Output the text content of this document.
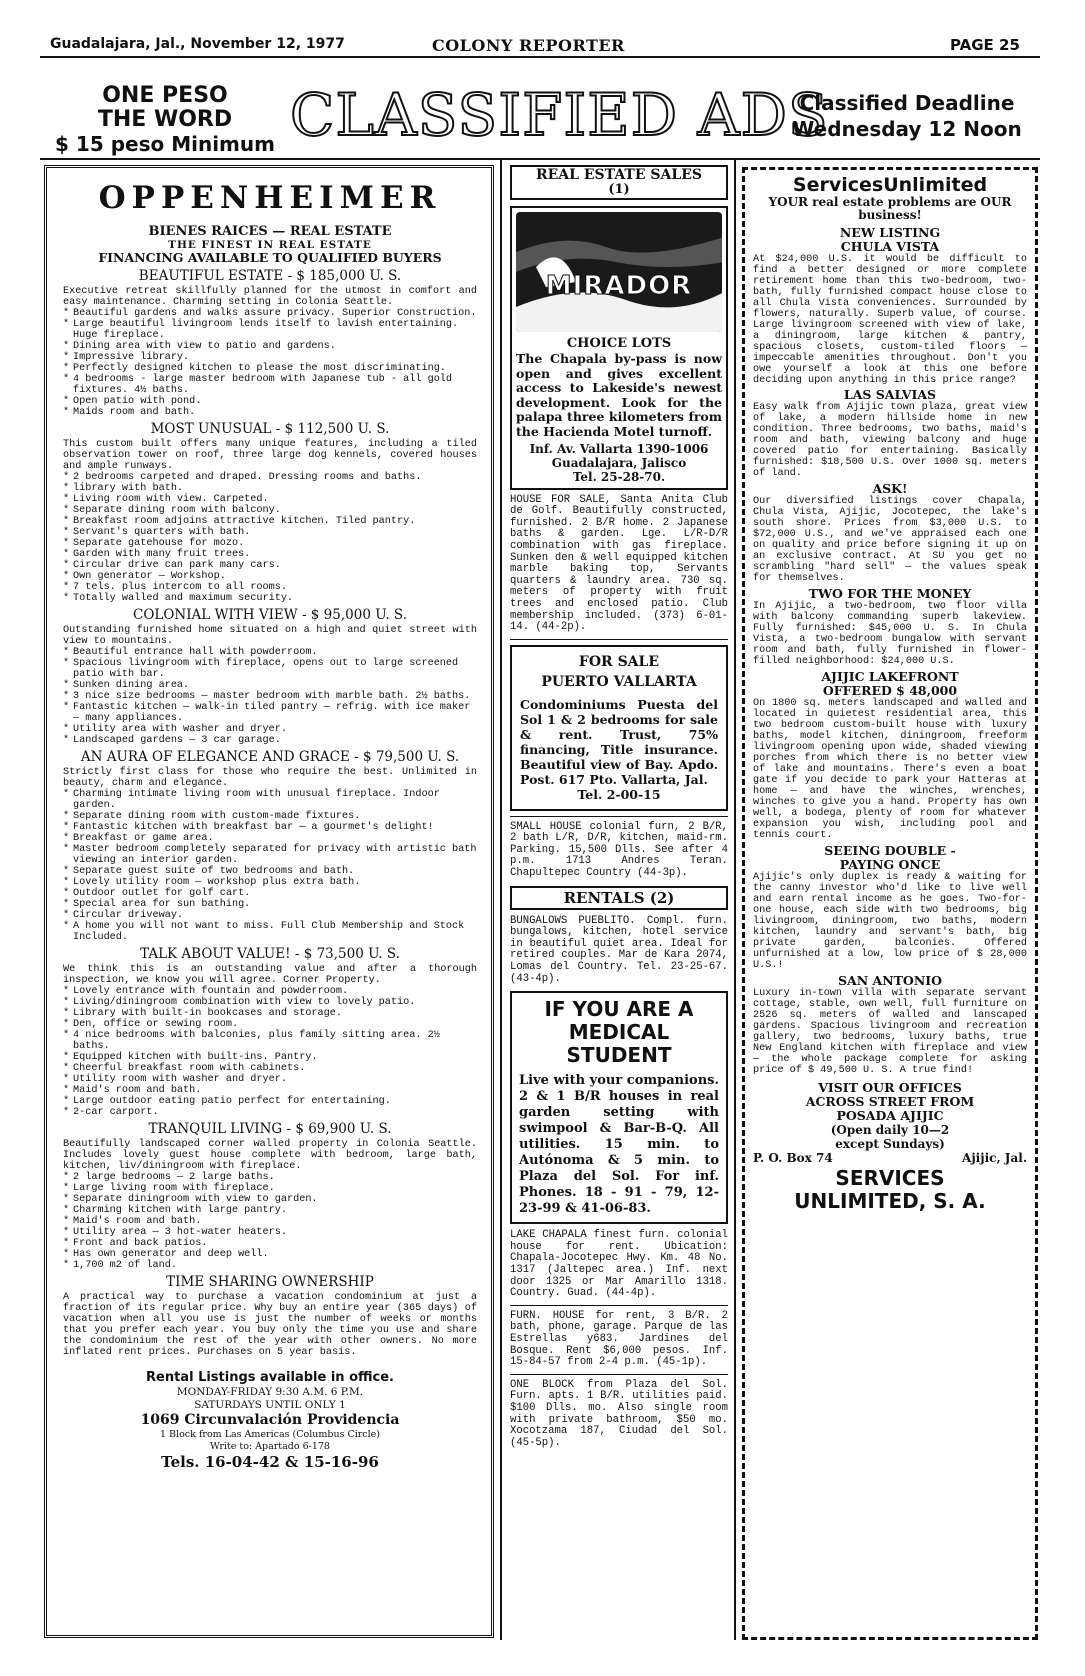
Guadalajara, Jal., November 12, 1977	COLONY REPORTER	PAGE 25
ONE PESO
THE WORD
$ 15 peso Minimum CLASSIFIED ADS
Classified Deadline
Wednesday 12 Noon
OPPENHEIMER
BIENES RAICES — REAL ESTATE
THE FINEST IN REAL ESTATE
FINANCING AVAILABLE TO QUALIFIED BUYERS
BEAUTIFUL ESTATE - $ 185,000 U. S.

Executive retreat skillfully planned for the utmost in comfort and easy maintenance. Charming setting in Colonia Seattle.

* Beautiful gardens and walks assure privacy. Superior Construction.
* Large beautiful livingroom lends itself to lavish entertaining. Huge fireplace.
* Dining area with view to patio and gardens.
* Impressive library.
* Perfectly designed kitchen to please the most discriminating.
* 4 bedrooms - large master bedroom with Japanese tub - all gold fixtures. 4½ baths.
* Open patio with pond.
* Maids room and bath.
MOST UNUSUAL - $ 112,500 U. S.

This custom built offers many unique features, including a tiled observation tower on roof, three large dog kennels, covered houses and ample runways.

* 2 bedrooms carpeted and draped. Dressing rooms and baths.
* library with bath.
* Living room with view. Carpeted.
* Separate dining room with balcony.
* Breakfast room adjoins attractive kitchen. Tiled pantry.
* Servant's quarters with bath.
* Separate gatehouse for mozo.
* Garden with many fruit trees.
* Circular drive can park many cars.
* Own generator — Workshop.
* 7 tels. plus intercom to all rooms.
* Totally walled and maximum security.
COLONIAL WITH VIEW - $ 95,000 U. S.

Outstanding furnished home situated on a high and quiet street with view to mountains.

* Beautiful entrance hall with powderroom.
* Spacious livingroom with fireplace, opens out to large screened patio with bar.
* Sunken dining area.
* 3 nice size bedrooms — master bedroom with marble bath. 2½ baths.
* Fantastic kitchen — walk-in tiled pantry — refrig. with ice maker — many appliances.
* Utility area with washer and dryer.
* Landscaped gardens — 3 car garage.
AN AURA OF ELEGANCE AND GRACE - $ 79,500 U. S.

Strictly first class for those who require the best. Unlimited in beauty, charm and elegance.

* Charming intimate living room with unusual fireplace. Indoor garden.
* Separate dining room with custom-made fixtures.
* Fantastic kitchen with breakfast bar — a gourmet's delight!
* Breakfast or game area.
* Master bedroom completely separated for privacy with artistic bath viewing an interior garden.
* Separate guest suite of two bedrooms and bath.
* Lovely utility room — workshop plus extra bath.
* Outdoor outlet for golf cart.
* Special area for sun bathing.
* Circular driveway.
* A home you will not want to miss. Full Club Membership and Stock Included.
TALK ABOUT VALUE! - $ 73,500 U. S.

We think this is an outstanding value and after a thorough inspection, we know you will agree. Corner Property.

* Lovely entrance with fountain and powderroom.
* Living/diningroom combination with view to lovely patio.
* Library with built-in bookcases and storage.
* Den, office or sewing room.
* 4 nice bedrooms with balconies, plus family sitting area. 2½ baths.
* Equipped kitchen with built-ins. Pantry.
* Cheerful breakfast room with cabinets.
* Utility room with washer and dryer.
* Maid's room and bath.
* Large outdoor eating patio perfect for entertaining.
* 2-car carport.
TRANQUIL LIVING - $ 69,900 U. S.

Beautifully landscaped corner walled property in Colonia Seattle. Includes lovely guest house complete with bedroom, large bath, kitchen, liv/diningroom with fireplace.

* 2 large bedrooms — 2 large baths.
* Large living room with fireplace.
* Separate diningroom with view to garden.
* Charming kitchen with large pantry.
* Maid's room and bath.
* Utility area — 3 hot-water heaters.
* Front and back patios.
* Has own generator and deep well.
* 1,700 m2 of land.
TIME SHARING OWNERSHIP

A practical way to purchase a vacation condominium at just a fraction of its regular price. Why buy an entire year (365 days) of vacation when all you use is just the number of weeks or months that you prefer each year. You buy only the time you use and share the condominium the rest of the year with other owners. No more inflated rent prices. Purchases on 5 year basis.

Rental Listings available in office.
MONDAY-FRIDAY 9:30 A.M. 6 P.M.
SATURDAYS UNTIL ONLY 1
1069 Circunvalación Providencia
1 Block from Las Americas (Columbus Circle)
Write to: Apartado 6-178
Tels. 16-04-42 & 15-16-96
REAL ESTATE SALES
(1)
MIRADOR
CHOICE LOTS

The Chapala by-pass is now open and gives excellent access to Lakeside's newest development. Look for the palapa three kilometers from the Hacienda Motel turnoff.

Inf. Av. Vallarta 1390-1006
Guadalajara, Jalisco
Tel. 25-28-70.

HOUSE FOR SALE, Santa Anita Club de Golf. Beautifully constructed, furnished. 2 B/R home. 2 Japanese baths & garden. Lge. L/R-D/R combination with gas fireplace. Sunken den & well equipped kitchen marble baking top, Servants quarters & laundry area. 730 sq. meters of property with fruit trees and enclosed patio. Club membership included. (373) 6-01-14. (44-2p).

FOR SALE
PUERTO VALLARTA

Condominiums Puesta del Sol 1 & 2 bedrooms for sale & rent. Trust, 75% financing, Title insurance. Beautiful view of Bay. Apdo. Post. 617 Pto. Vallarta, Jal.

Tel. 2-00-15

SMALL HOUSE colonial furn, 2 B/R, 2 bath L/R, D/R, kitchen, maid-rm. Parking. 15,500 Dlls. See after 4 p.m. 1713 Andres Teran. Chapultepec Country (44-3p).

RENTALS (2)

BUNGALOWS PUEBLITO. Compl. furn. bungalows, kitchen, hotel service in beautiful quiet area. Ideal for retired couples. Mar de Kara 2074, Lomas del Country. Tel. 23-25-67. (43-4p).

IF YOU ARE A MEDICAL STUDENT

Live with your companions. 2 & 1 B/R houses in real garden setting with swimpool & Bar-B-Q. All utilities. 15 min. to Autónoma & 5 min. to Plaza del Sol. For inf. Phones. 18 - 91 - 79, 12-23-99 & 41-06-83.

LAKE CHAPALA finest furn. colonial house for rent. Ubication: Chapala-Jocotepec Hwy. Km. 48 No. 1317 (Jaltepec area.) Inf. next door 1325 or Mar Amarillo 1318. Country. Guad. (44-4p).

FURN. HOUSE for rent, 3 B/R. 2 bath, phone, garage. Parque de las Estrellas y683. Jardines del Bosque. Rent $6,000 pesos. Inf. 15-84-57 from 2-4 p.m. (45-1p).

ONE BLOCK from Plaza del Sol. Furn. apts. 1 B/R. utilities paid. $100 Dlls. mo. Also single room with private bathroom, $50 mo. Xocotzama 187, Ciudad del Sol. (45-5p).

ServicesUnlimited
YOUR real estate problems are OUR business!
NEW LISTING
CHULA VISTA

At $24,000 U.S. it would be difficult to find a better designed or more complete retirement home than this two-bedroom, two-bath, fully furnished compact house close to all Chula Vista conveniences. Surrounded by flowers, naturally. Superb value, of course. Large livingroom screened with view of lake, a diningroom, large kitchen & pantry, spacious closets, custom-tiled floors — impeccable amenities throughout. Don't you owe yourself a look at this one before deciding upon anything in this price range?

LAS SALVIAS

Easy walk from Ajijic town plaza, great view of lake, a modern hillside home in new condition. Three bedrooms, two baths, maid's room and bath, viewing balcony and huge covered patio for entertaining. Basically furnished: $18,500 U.S. Over 1000 sq. meters of land.

ASK!

Our diversified listings cover Chapala, Chula Vista, Ajijic, Jocotepec, the lake's south shore. Prices from $3,000 U.S. to $72,000 U.S., and we've appraised each one on quality and price before signing it up on an exclusive contract. At SU you get no scrambling "hard sell" — the values speak for themselves.

TWO FOR THE MONEY

In Ajijic, a two-bedroom, two floor villa with balcony commanding superb lakeview. Fully furnished: $45,000 U. S. In Chula Vista, a two-bedroom bungalow with servant room and bath, fully furnished in flower-filled neighborhood: $24,000 U.S.

AJIJIC LAKEFRONT
OFFERED $ 48,000

On 1800 sq. meters landscaped and walled and located in quietest residential area, this two bedroom custom-built house with luxury baths, model kitchen, diningroom, freeform livingroom opening upon wide, shaded viewing porches from which there is no better view of lake and mountains. There's even a boat gate if you decide to park your Hatteras at home — and have the winches, wrenches, winches to give you a hand. Property has own well, a bodega, plenty of room for whatever expansion you wish, including pool and tennis court.

SEEING DOUBLE -
PAYING ONCE

Ajijic's only duplex is ready & waiting for the canny investor who'd like to live well and earn rental income as he goes. Two-for-one house, each side with two bedrooms, big livingroom, diningroom, two baths, modern kitchen, laundry and servant's bath, big private garden, balconies. Offered unfurnished at a low, low price of $ 28,000 U.S.!

SAN ANTONIO

Luxury in-town villa with separate servant cottage, stable, own well, full furniture on 2526 sq. meters of walled and lanscaped gardens. Spacious livingroom and recreation gallery, two bedrooms, luxury baths, true New England kitchen with fireplace and view — the whole package complete for asking price of $ 49,500 U. S. A true find!

VISIT OUR OFFICES
ACROSS STREET FROM
POSADA AJIJIC
(Open daily 10—2
except Sundays)
P. O. Box 74	Ajijic, Jal.
SERVICES
UNLIMITED, S. A.
